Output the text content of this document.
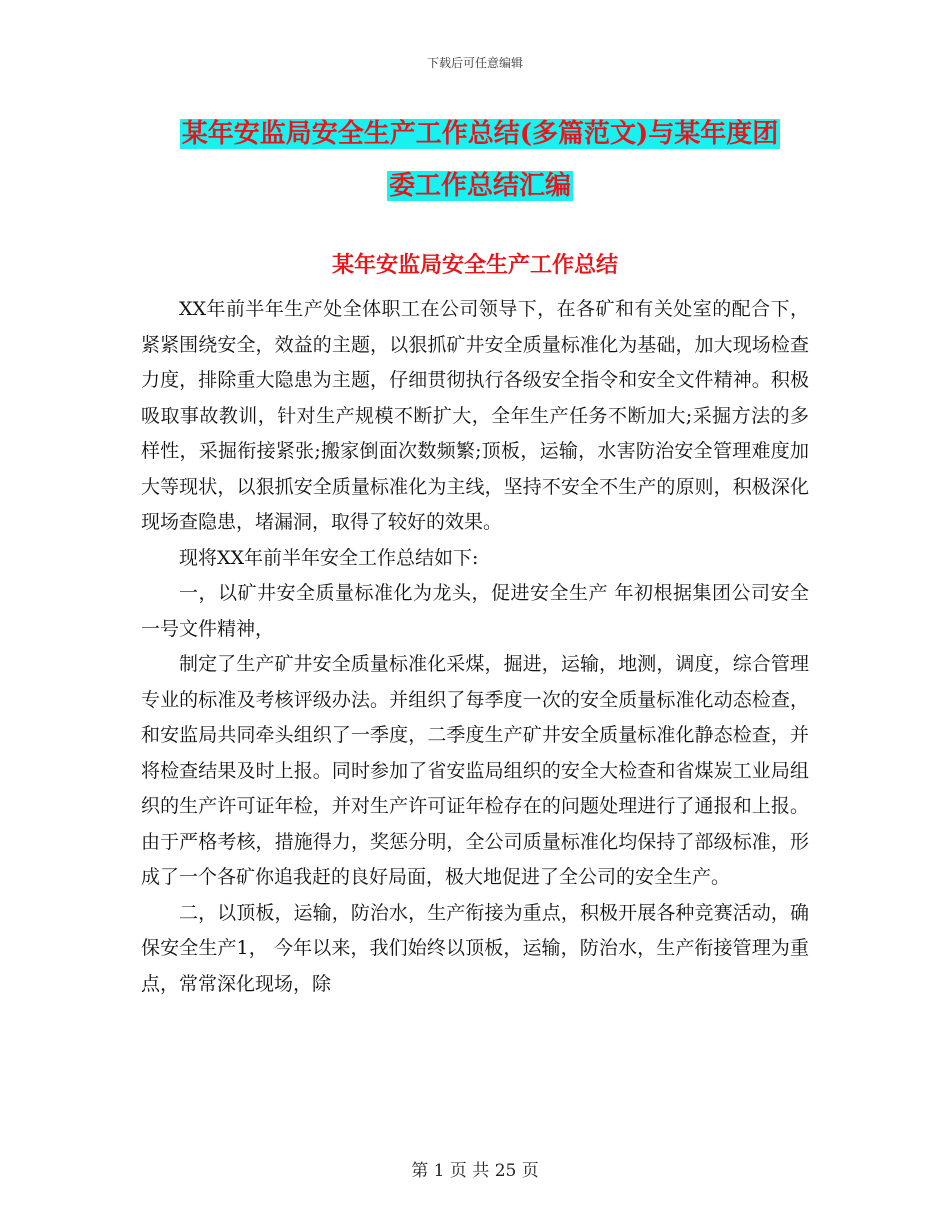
下载后可任意编辑
某年安监局安全生产工作总结(多篇范文)与某年度团
委工作总结汇编
某年安监局安全生产工作总结

XX年前半年生产处全体职工在公司领导下，在各矿和有关处室的配合下，紧紧围绕安全，效益的主题，以狠抓矿井安全质量标准化为基础，加大现场检查力度，排除重大隐患为主题，仔细贯彻执行各级安全指令和安全文件精神。积极吸取事故教训，针对生产规模不断扩大，全年生产任务不断加大;采掘方法的多样性，采掘衔接紧张;搬家倒面次数频繁;顶板，运输，水害防治安全管理难度加大等现状，以狠抓安全质量标准化为主线，坚持不安全不生产的原则，积极深化现场查隐患，堵漏洞，取得了较好的效果。

现将XX年前半年安全工作总结如下:

一，以矿井安全质量标准化为龙头，促进安全生产 年初根据集团公司安全一号文件精神，

制定了生产矿井安全质量标准化采煤，掘进，运输，地测，调度，综合管理专业的标准及考核评级办法。并组织了每季度一次的安全质量标准化动态检查，和安监局共同牵头组织了一季度，二季度生产矿井安全质量标准化静态检查，并将检查结果及时上报。同时参加了省安监局组织的安全大检查和省煤炭工业局组织的生产许可证年检，并对生产许可证年检存在的问题处理进行了通报和上报。由于严格考核，措施得力，奖惩分明，全公司质量标准化均保持了部级标准，形成了一个各矿你追我赶的良好局面，极大地促进了全公司的安全生产。

二，以顶板，运输，防治水，生产衔接为重点，积极开展各种竞赛活动，确保安全生产1， 今年以来，我们始终以顶板，运输，防治水，生产衔接管理为重点，常常深化现场，除

第 1 页 共 25 页
